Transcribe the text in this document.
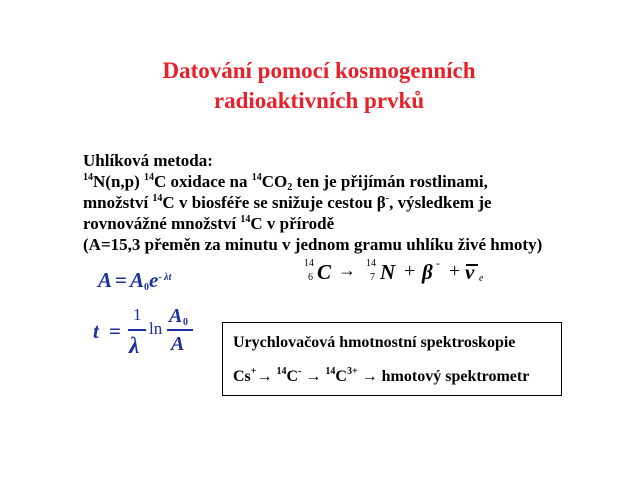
Datování pomocí kosmogenních
radioaktivních prvků

Uhlíková metoda:

$^{14}$N(n,p) $^{14}$C oxidace na $^{14}CO_2$ ten je přijímán rostlinami,

množství $^{14}$C v biosféře se snižuje cestou β-, výsledkem je

rovnovážné množství $^{14}$C v přírodě

(A=15,3 přeměn za minutu v jednom gramu uhlíku živé hmoty)

$A = A_0e^{- \lambda t}$
t =
1
λ
ln
A 0
A
14
6 C → 14
7 N + β - + ν e
Urychlovačová hmotnostní spektroskopie
$Cs^+\to ^{14}C^- \to ^{14}C^{3+}$ → hmotový spektrometr
